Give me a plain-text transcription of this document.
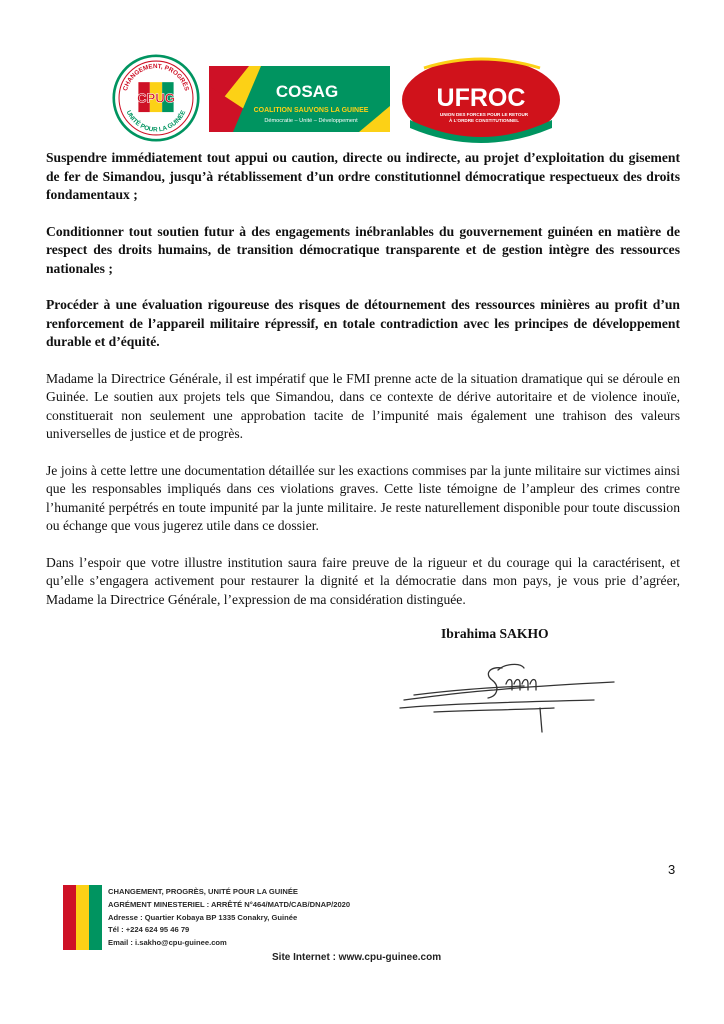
CPUG
CHANGEMENT, PROGRÈS
UNITÉ POUR LA GUINÉE
COSAG
COALITION SAUVONS LA GUINEE
Démocratie – Unité – Développement
UFROC
UNION DES FORCES POUR LE RETOUR
À L'ORDRE CONSTITUTIONNEL

Suspendre immédiatement tout appui ou caution, directe ou indirecte, au projet d’exploitation du gisement de fer de Simandou, jusqu’à rétablissement d’un ordre constitutionnel démocratique respectueux des droits fondamentaux ;

Conditionner tout soutien futur à des engagements inébranlables du gouvernement guinéen en matière de respect des droits humains, de transition démocratique transparente et de gestion intègre des ressources nationales ;

Procéder à une évaluation rigoureuse des risques de détournement des ressources minières au profit d’un renforcement de l’appareil militaire répressif, en totale contradiction avec les principes de développement durable et d’équité.

Madame la Directrice Générale, il est impératif que le FMI prenne acte de la situation dramatique qui se déroule en Guinée. Le soutien aux projets tels que Simandou, dans ce contexte de dérive autoritaire et de violence inouïe, constituerait non seulement une approbation tacite de l’impunité mais également une trahison des valeurs universelles de justice et de progrès.

Je joins à cette lettre une documentation détaillée sur les exactions commises par la junte militaire sur victimes ainsi que les responsables impliqués dans ces violations graves. Cette liste témoigne de l’ampleur des crimes contre l’humanité perpétrés en toute impunité par la junte militaire. Je reste naturellement disponible pour toute discussion ou échange que vous jugerez utile dans ce dossier.

Dans l’espoir que votre illustre institution saura faire preuve de la rigueur et du courage qui la caractérisent, et qu’elle s’engagera activement pour restaurer la dignité et la démocratie dans mon pays, je vous prie d’agréer, Madame la Directrice Générale, l’expression de ma considération distinguée.

Ibrahima SAKHO
3
CHANGEMENT, PROGRÈS, UNITÉ POUR LA GUINÉE
AGRÉMENT MINESTERIEL : ARRÊTÉ N°464/MATD/CAB/DNAP/2020
Adresse : Quartier Kobaya BP 1335 Conakry, Guinée
Tél : +224 624 95 46 79
Email : i.sakho@cpu-guinee.com
Site Internet : www.cpu-guinee.com
